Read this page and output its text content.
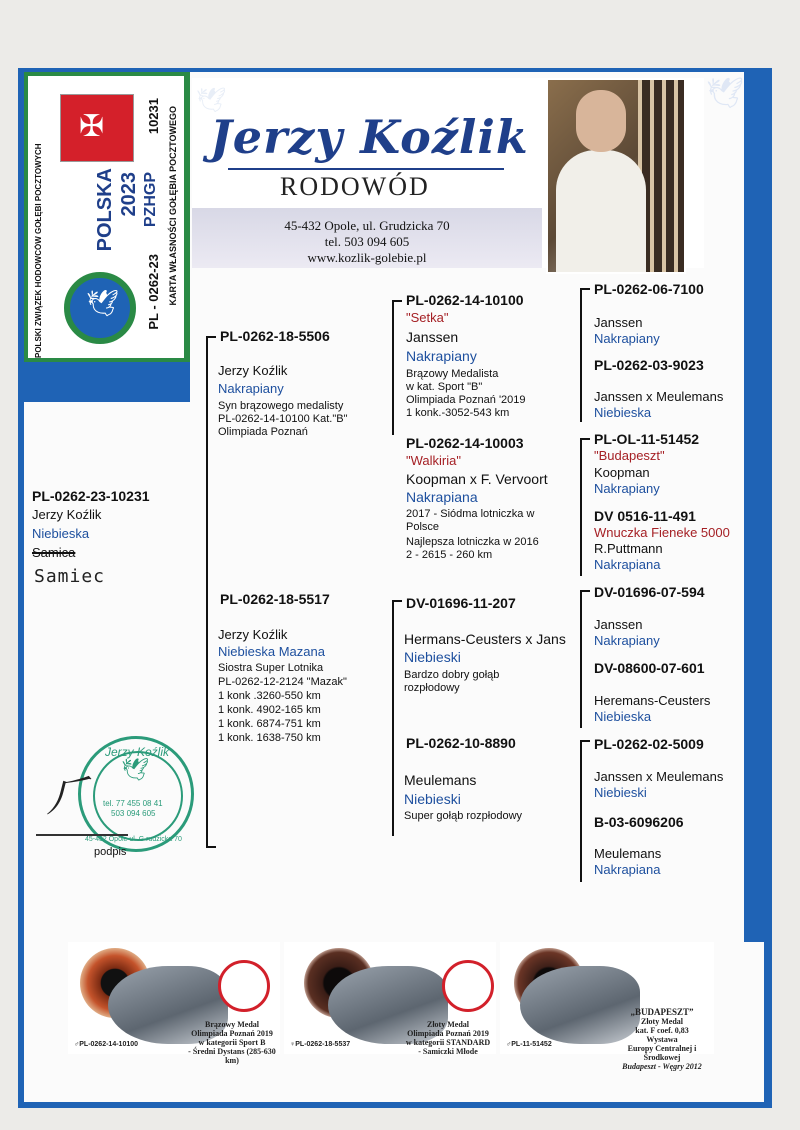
🕊
Jerzy Koźlik
RODOWÓD
45-432 Opole, ul. Grudzicka 70
tel. 503 094 605
www.kozlik-golebie.pl
🕊
✠
POLSKI ZWIĄZEK HODOWCÓW GOŁĘBI POCZTOWYCH	POLSKA 2023 PZHGP
10231
PL - 0262-23 KARTA WŁASNOŚCI GOŁĘBIA POCZTOWEGO
🕊
PL-0262-23-10231
Jerzy Koźlik
Niebieska
Samica
Samiec
PL-0262-18-5506
Jerzy Koźlik
Nakrapiany
Syn brązowego medalisty
PL-0262-14-10100 Kat."B"
Olimpiada Poznań
PL-0262-18-5517
Jerzy Koźlik
Niebieska Mazana
Siostra Super Lotnika
PL-0262-12-2124 "Mazak"
1 konk .3260-550 km
1 konk. 4902-165 km
1 konk. 6874-751 km
1 konk. 1638-750 km
PL-0262-14-10100
"Setka"
Janssen
Nakrapiany
Brązowy Medalista
w kat. Sport "B"
Olimpiada Poznań '2019
1 konk.-3052-543 km
PL-0262-14-10003
"Walkiria"
Koopman x F. Vervoort
Nakrapiana
2017 - Siódma lotniczka w
Polsce
Najlepsza lotniczka w 2016
2 - 2615 - 260 km
DV-01696-11-207
Hermans-Ceusters x Jans
Niebieski
Bardzo dobry gołąb
rozpłodowy
PL-0262-10-8890
Meulemans
Niebieski
Super gołąb rozpłodowy
PL-0262-06-7100
Janssen
Nakrapiany
PL-0262-03-9023
Janssen x Meulemans
Niebieska
PL-OL-11-51452
"Budapeszt"
Koopman
Nakrapiany
DV 0516-11-491
Wnuczka Fieneke 5000
R.Puttmann
Nakrapiana
DV-01696-07-594
Janssen
Nakrapiany
DV-08600-07-601
Heremans-Ceusters
Niebieska
PL-0262-02-5009
Janssen x Meulemans
Niebieski
B-03-6096206
Meulemans
Nakrapiana
Jerzy Koźlik
🕊
tel. 77 455 08 41
503 094 605
45-432 Opole ul. G rudzicka 70
⺁
podpis
Brązowy Medal
Olimpiada Poznań 2019
w kategorii Sport B
- Średni Dystans (285-630 km)
♂PL-0262-14-10100
Złoty Medal
Olimpiada Poznań 2019
w kategorii STANDARD
- Samiczki Młode
♀PL-0262-18-5537
„BUDAPESZT”
Złoty Medal
kat. F coef. 0,83
Wystawa
Europy Centralnej i Środkowej
Budapeszt - Węgry 2012
♂PL-11-51452
